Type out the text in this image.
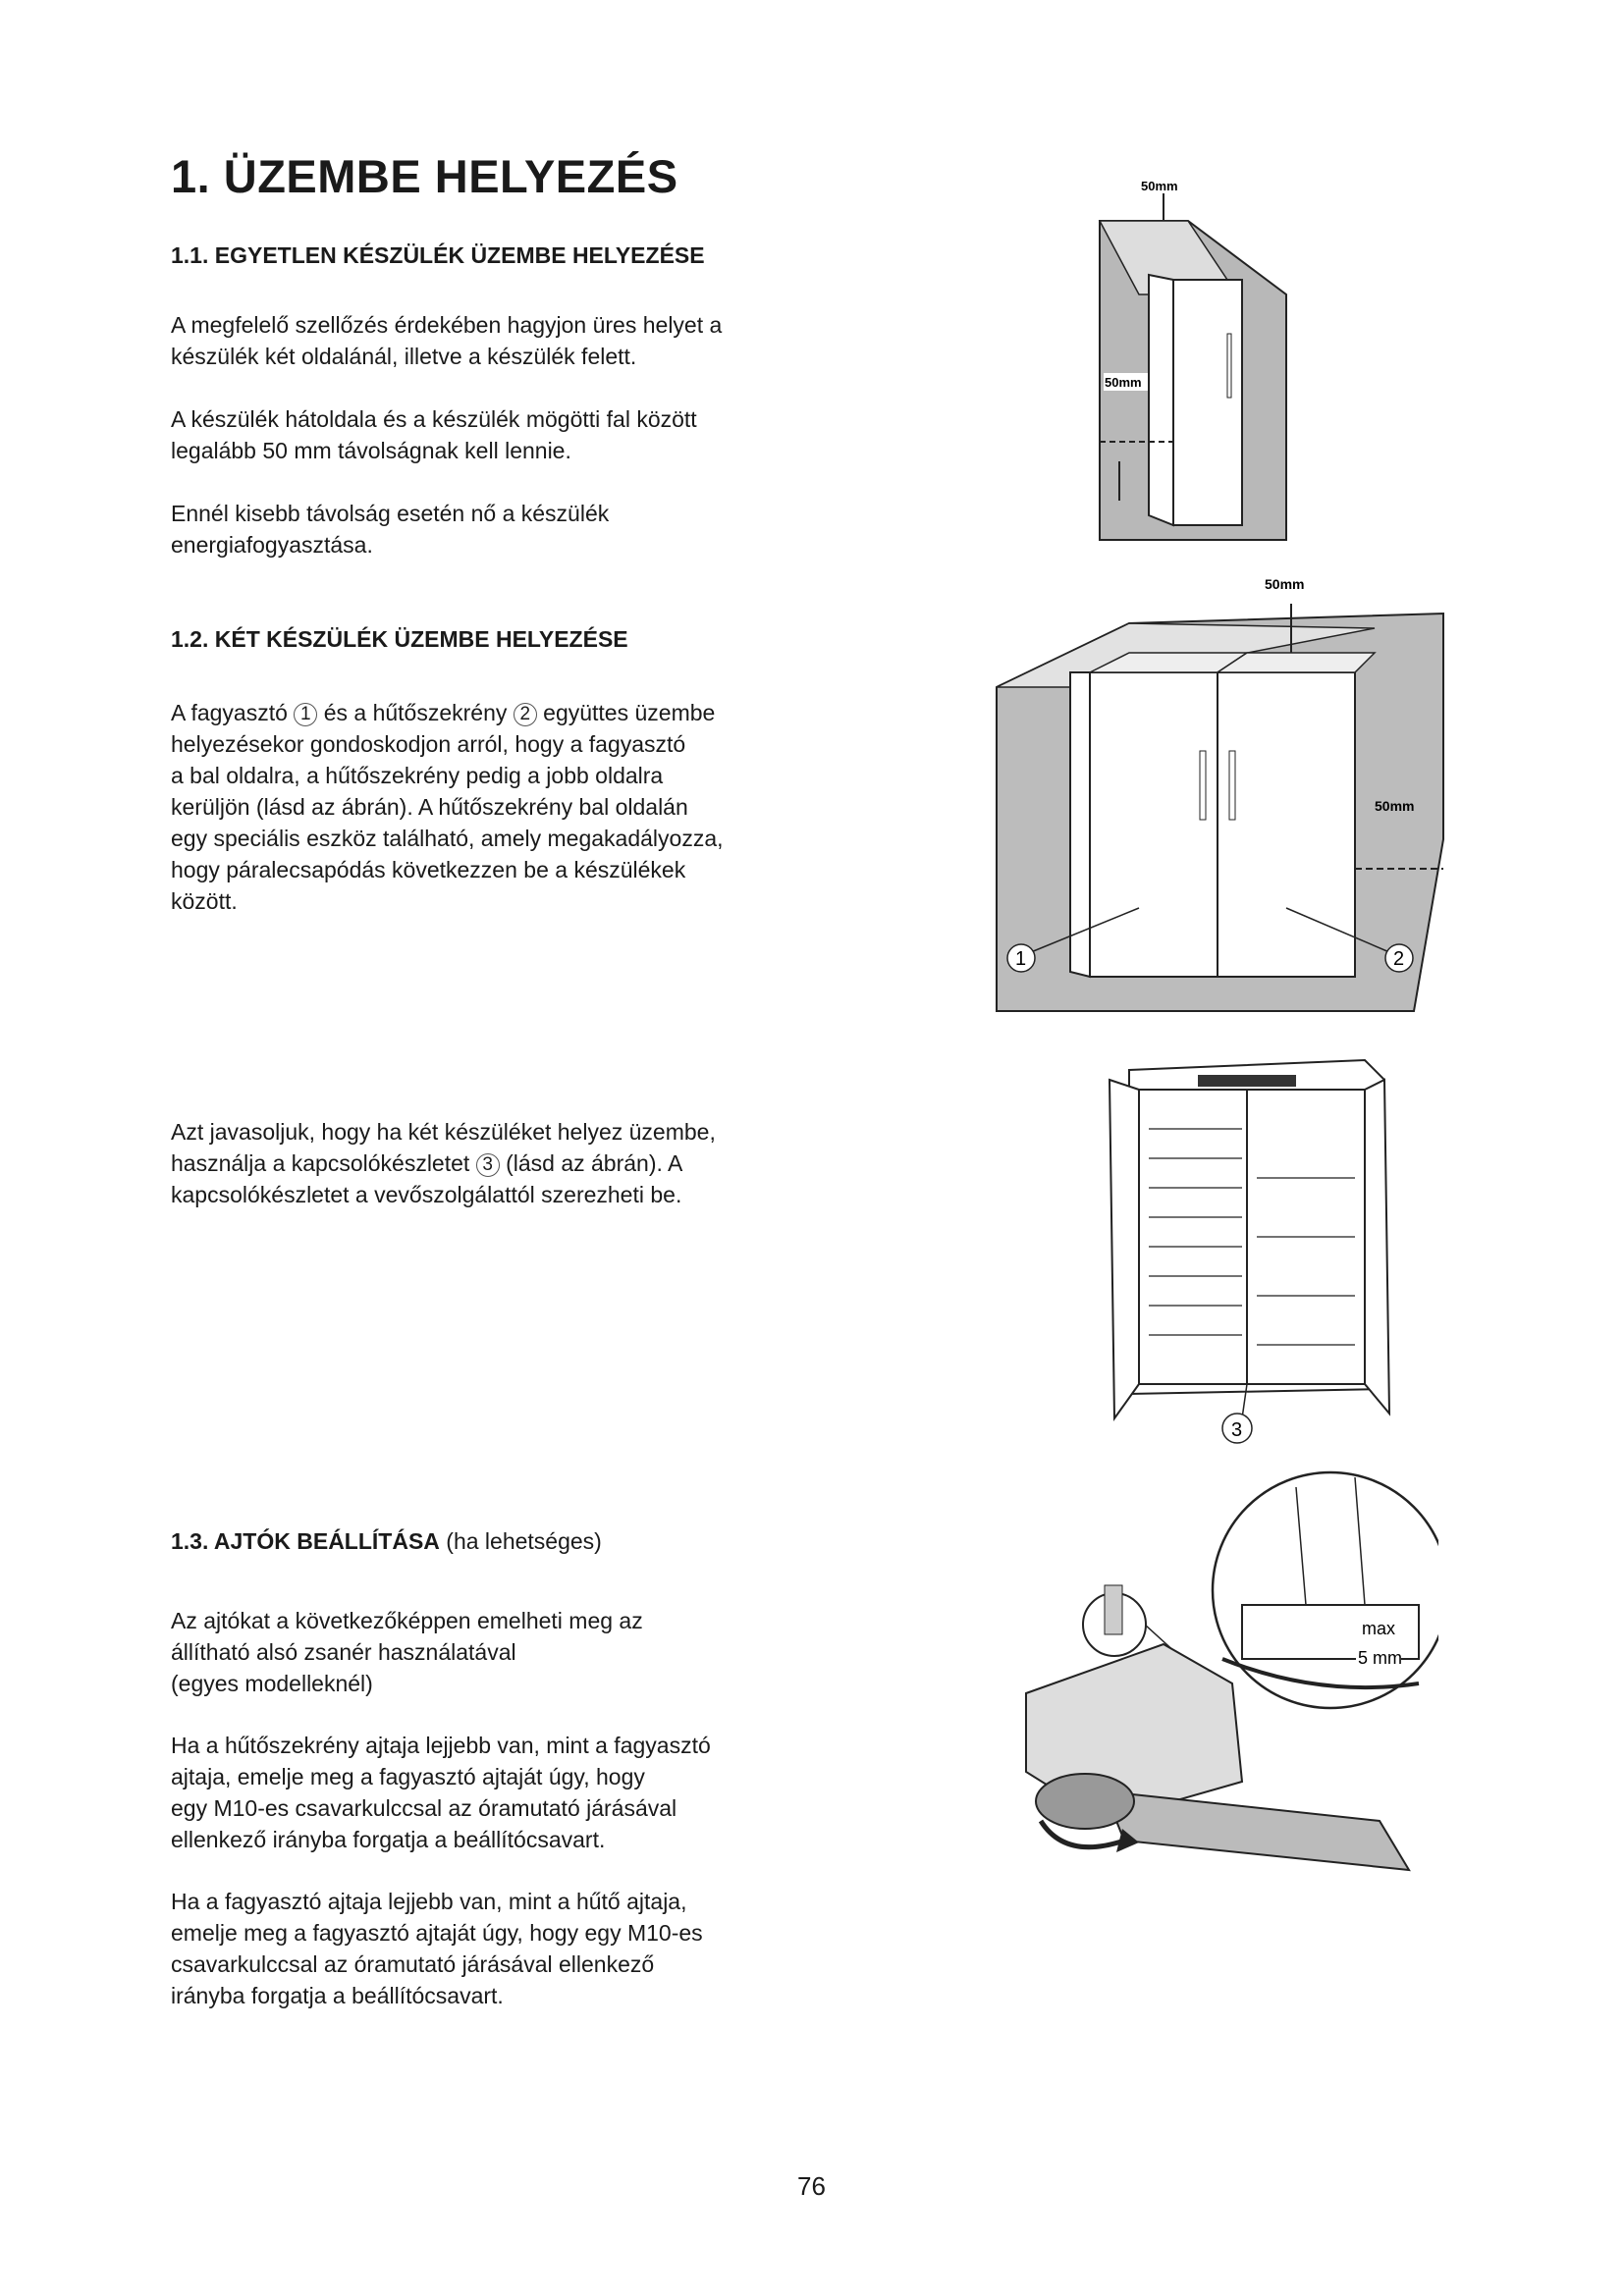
1. ÜZEMBE HELYEZÉS
1.1. EGYETLEN KÉSZÜLÉK ÜZEMBE HELYEZÉSE

A megfelelő szellőzés érdekében hagyjon üres helyet a
készülék két oldalánál, illetve a készülék felett.

A készülék hátoldala és a készülék mögötti fal között
legalább 50 mm távolságnak kell lennie.

Ennél kisebb távolság esetén nő a készülék
energiafogyasztása.

1.2. KÉT KÉSZÜLÉK ÜZEMBE HELYEZÉSE

A fagyasztó 1 és a hűtőszekrény 2 együttes üzembe
helyezésekor gondoskodjon arról, hogy a fagyasztó
a bal oldalra, a hűtőszekrény pedig a jobb oldalra
kerüljön (lásd az ábrán). A hűtőszekrény bal oldalán
egy speciális eszköz található, amely megakadályozza,
hogy páralecsapódás következzen be a készülékek
között.

Azt javasoljuk, hogy ha két készüléket helyez üzembe,
használja a kapcsolókészletet 3 (lásd az ábrán). A
kapcsolókészletet a vevőszolgálattól szerezheti be.

1.3. AJTÓK BEÁLLÍTÁSA (ha lehetséges)

Az ajtókat a következőképpen emelheti meg az
állítható alsó zsanér használatával
(egyes modelleknél)

Ha a hűtőszekrény ajtaja lejjebb van, mint a fagyasztó
ajtaja, emelje meg a fagyasztó ajtaját úgy, hogy
egy M10-es csavarkulccsal az óramutató járásával
ellenkező irányba forgatja a beállítócsavart.

Ha a fagyasztó ajtaja lejjebb van, mint a hűtő ajtaja,
emelje meg a fagyasztó ajtaját úgy, hogy egy M10-es
csavarkulccsal az óramutató járásával ellenkező
irányba forgatja a beállítócsavart.

50mm
50mm
1	2
50mm
50mm
3
max
5 mm
76
